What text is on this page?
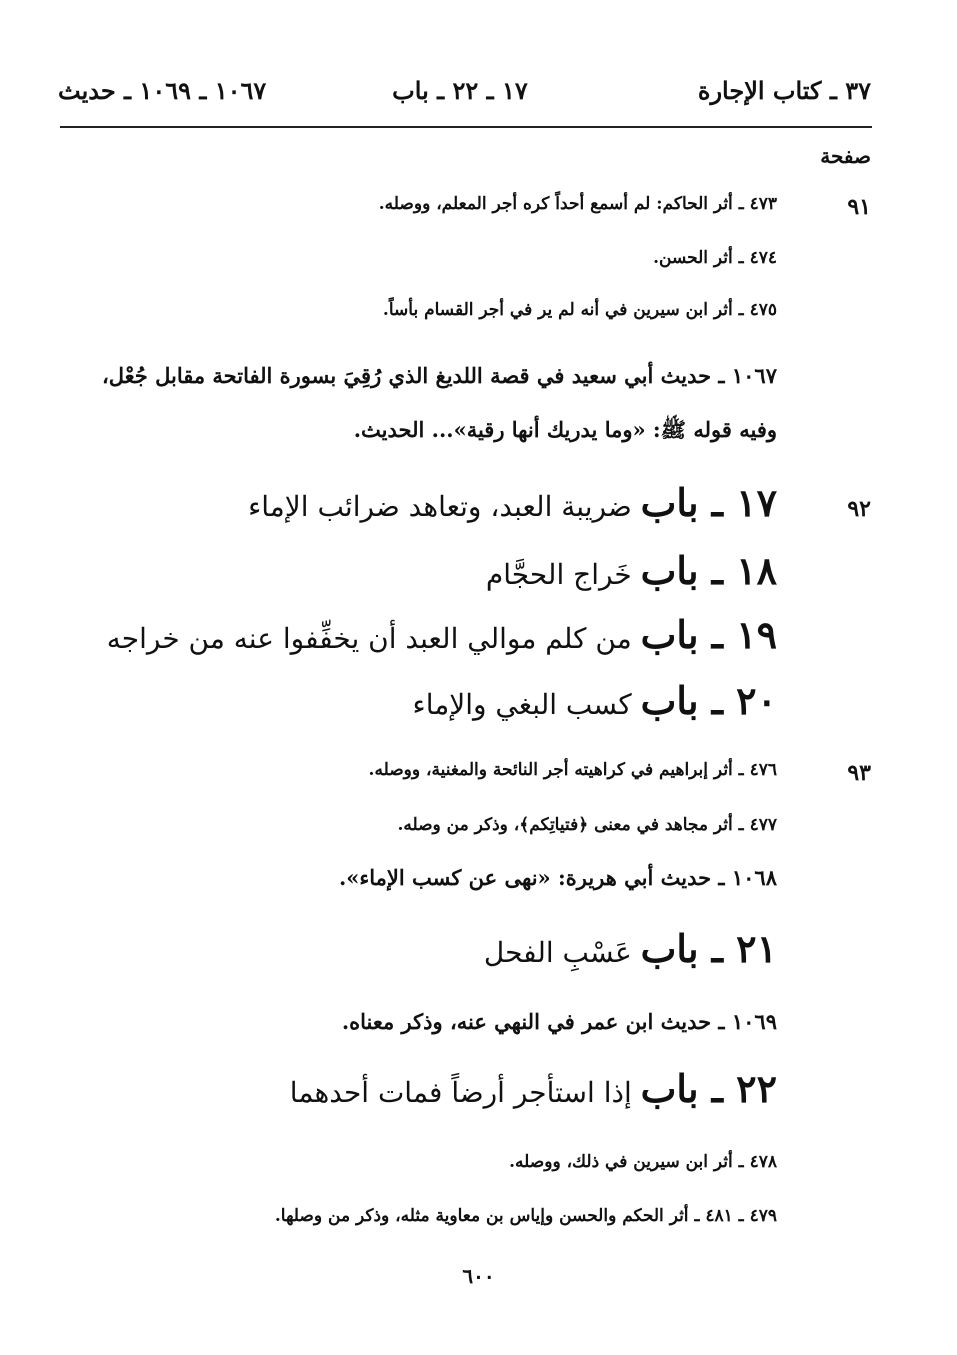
٣٧ ـ كتاب الإجارة
١٧ ـ ٢٢ ـ باب
١٠٦٧ ـ ١٠٦٩ ـ حديث
صفحة
٩١
٤٧٣ ـ أثر الحاكم: لم أسمع أحداً كره أجر المعلم، ووصله.
٤٧٤ ـ أثر الحسن.
٤٧٥ ـ أثر ابن سيرين في أنه لم ير في أجر القسام بأساً.
١٠٦٧ ـ حديث أبي سعيد في قصة اللديغ الذي رُقِيَ بسورة الفاتحة مقابل جُعْل،
وفيه قوله ﷺ: «وما يدريك أنها رقية»... الحديث.
٩٢
١٧ ـ باب ضريبة العبد، وتعاهد ضرائب الإماء
١٨ ـ باب خَراج الحجَّام
١٩ ـ باب من كلم موالي العبد أن يخفِّفوا عنه من خراجه
٢٠ ـ باب كسب البغي والإماء
٩٣
٤٧٦ ـ أثر إبراهيم في كراهيته أجر النائحة والمغنية، ووصله.
٤٧٧ ـ أثر مجاهد في معنى ﴿فتياتِكم﴾، وذكر من وصله.
١٠٦٨ ـ حديث أبي هريرة: «نهى عن كسب الإماء».
٢١ ـ باب عَسْبِ الفحل
١٠٦٩ ـ حديث ابن عمر في النهي عنه، وذكر معناه.
٢٢ ـ باب إذا استأجر أرضاً فمات أحدهما
٤٧٨ ـ أثر ابن سيرين في ذلك، ووصله.
٤٧٩ ـ ٤٨١ ـ أثر الحكم والحسن وإياس بن معاوية مثله، وذكر من وصلها.
٦٠٠
